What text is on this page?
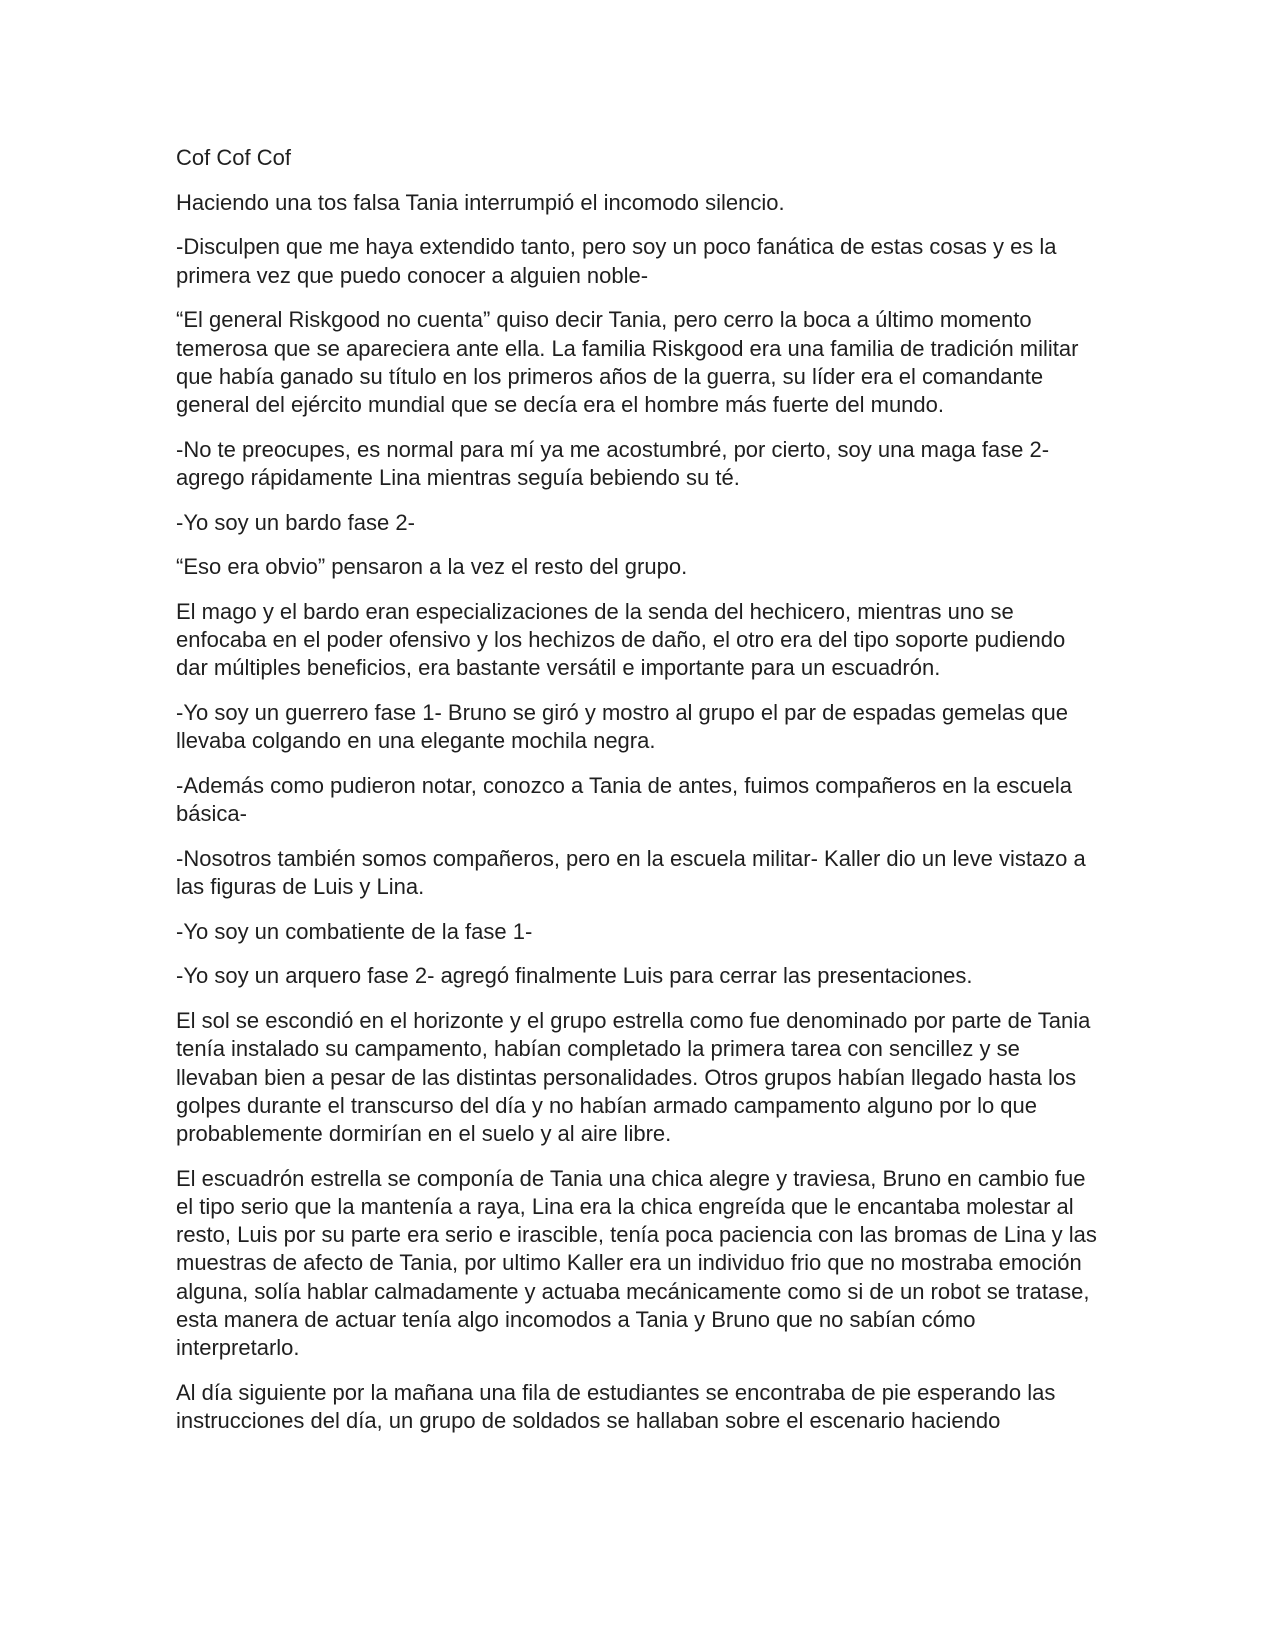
Cof Cof Cof

Haciendo una tos falsa Tania interrumpió el incomodo silencio.

-Disculpen que me haya extendido tanto, pero soy un poco fanática de estas cosas y es la primera vez que puedo conocer a alguien noble-

“El general Riskgood no cuenta” quiso decir Tania, pero cerro la boca a último momento temerosa que se apareciera ante ella. La familia Riskgood era una familia de tradición militar que había ganado su título en los primeros años de la guerra, su líder era el comandante general del ejército mundial que se decía era el hombre más fuerte del mundo.

-No te preocupes, es normal para mí ya me acostumbré, por cierto, soy una maga fase 2- agrego rápidamente Lina mientras seguía bebiendo su té.

-Yo soy un bardo fase 2-

“Eso era obvio” pensaron a la vez el resto del grupo.

El mago y el bardo eran especializaciones de la senda del hechicero, mientras uno se enfocaba en el poder ofensivo y los hechizos de daño, el otro era del tipo soporte pudiendo dar múltiples beneficios, era bastante versátil e importante para un escuadrón.

-Yo soy un guerrero fase 1- Bruno se giró y mostro al grupo el par de espadas gemelas que llevaba colgando en una elegante mochila negra.

-Además como pudieron notar, conozco a Tania de antes, fuimos compañeros en la escuela básica-

-Nosotros también somos compañeros, pero en la escuela militar- Kaller dio un leve vistazo a las figuras de Luis y Lina.

-Yo soy un combatiente de la fase 1-

-Yo soy un arquero fase 2- agregó finalmente Luis para cerrar las presentaciones.

El sol se escondió en el horizonte y el grupo estrella como fue denominado por parte de Tania tenía instalado su campamento, habían completado la primera tarea con sencillez y se llevaban bien a pesar de las distintas personalidades. Otros grupos habían llegado hasta los golpes durante el transcurso del día y no habían armado campamento alguno por lo que probablemente dormirían en el suelo y al aire libre.

El escuadrón estrella se componía de Tania una chica alegre y traviesa, Bruno en cambio fue el tipo serio que la mantenía a raya, Lina era la chica engreída que le encantaba molestar al resto, Luis por su parte era serio e irascible, tenía poca paciencia con las bromas de Lina y las muestras de afecto de Tania, por ultimo Kaller era un individuo frio que no mostraba emoción alguna, solía hablar calmadamente y actuaba mecánicamente como si de un robot se tratase, esta manera de actuar tenía algo incomodos a Tania y Bruno que no sabían cómo interpretarlo.

Al día siguiente por la mañana una fila de estudiantes se encontraba de pie esperando las instrucciones del día, un grupo de soldados se hallaban sobre el escenario haciendo
